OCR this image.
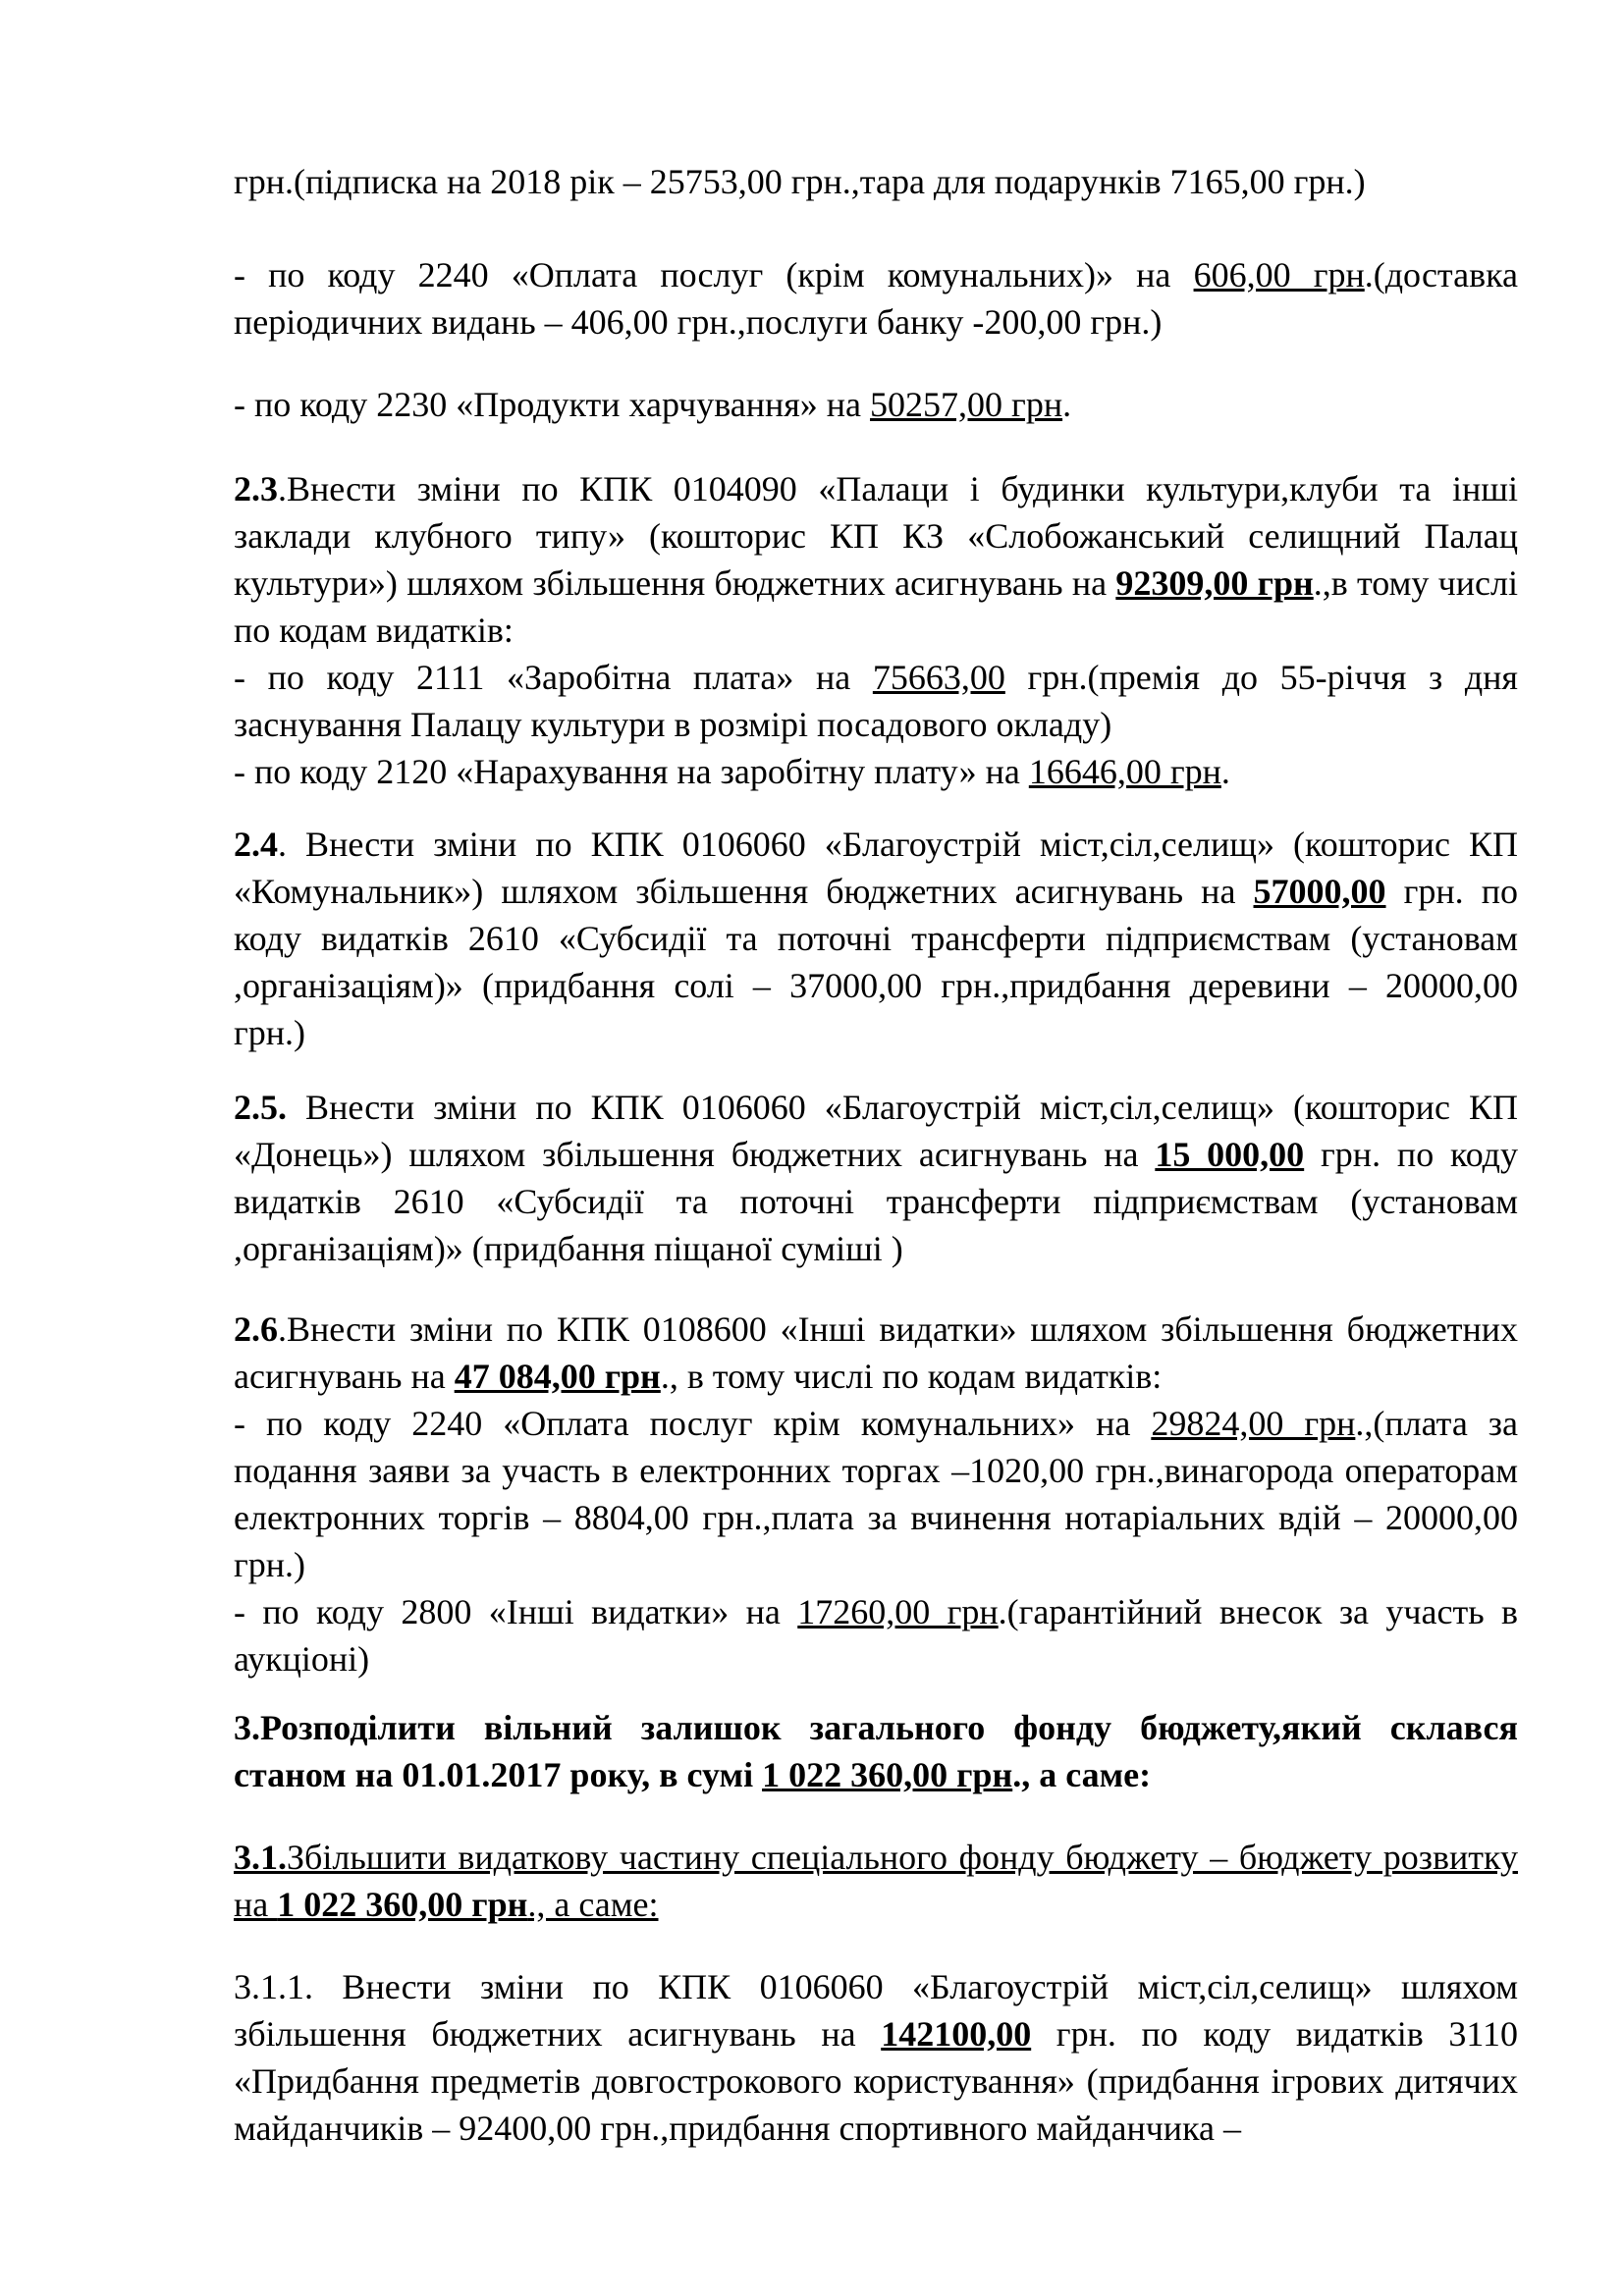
грн.(підписка на 2018 рік – 25753,00 грн.,тара для подарунків 7165,00 грн.)

- по коду 2240 «Оплата послуг (крім комунальних)» на 606,00 грн.(доставка періодичних видань – 406,00 грн.,послуги банку -200,00 грн.)

- по коду 2230 «Продукти харчування» на 50257,00 грн.

2.3.Внести зміни по КПК 0104090 «Палаци і будинки культури,клуби та інші заклади клубного типу» (кошторис КП КЗ «Слобожанський селищний Палац культури») шляхом збільшення бюджетних асигнувань на 92309,00 грн.,в тому числі по кодам видатків:

- по коду 2111 «Заробітна плата» на 75663,00 грн.(премія до 55-річчя з дня заснування Палацу культури в розмірі посадового окладу)

- по коду 2120 «Нарахування на заробітну плату» на 16646,00 грн.

2.4. Внести зміни по КПК 0106060 «Благоустрій міст,сіл,селищ» (кошторис КП «Комунальник») шляхом збільшення бюджетних асигнувань на 57000,00 грн. по коду видатків 2610 «Субсидії та поточні трансферти підприємствам (установам ,організаціям)» (придбання солі – 37000,00 грн.,придбання деревини – 20000,00 грн.)

2.5. Внести зміни по КПК 0106060 «Благоустрій міст,сіл,селищ» (кошторис КП «Донець») шляхом збільшення бюджетних асигнувань на 15 000,00 грн. по коду видатків 2610 «Субсидії та поточні трансферти підприємствам (установам ,організаціям)» (придбання піщаної суміші )

2.6.Внести зміни по КПК 0108600 «Інші видатки» шляхом збільшення бюджетних асигнувань на 47 084,00 грн., в тому числі по кодам видатків:

- по коду 2240 «Оплата послуг крім комунальних» на 29824,00 грн.,(плата за подання заяви за участь в електронних торгах –1020,00 грн.,винагорода операторам електронних торгів – 8804,00 грн.,плата за вчинення нотаріальних вдій – 20000,00 грн.)

- по коду 2800 «Інші видатки» на 17260,00 грн.(гарантійний внесок за участь в аукціоні)

3.Розподілити вільний залишок загального фонду бюджету,який склався станом на 01.01.2017 року, в сумі 1 022 360,00 грн., а саме:

3.1.Збільшити видаткову частину спеціального фонду бюджету – бюджету розвитку на 1 022 360,00 грн., а саме:

3.1.1. Внести зміни по КПК 0106060 «Благоустрій міст,сіл,селищ» шляхом збільшення бюджетних асигнувань на 142100,00 грн. по коду видатків 3110 «Придбання предметів довгострокового користування» (придбання ігрових дитячих майданчиків – 92400,00 грн.,придбання спортивного майданчика –
